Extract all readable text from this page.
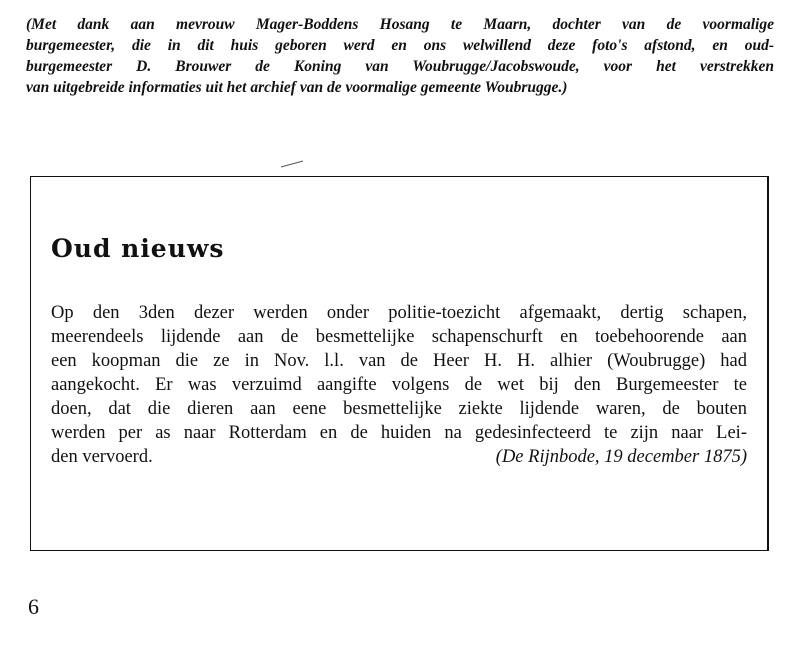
(Met dank aan mevrouw Mager-Boddens Hosang te Maarn, dochter van de voormalige
burgemeester, die in dit huis geboren werd en ons welwillend deze foto's afstond, en oud-
burgemeester D. Brouwer de Koning van Woubrugge/Jacobswoude, voor het verstrekken
van uitgebreide informaties uit het archief van de voormalige gemeente Woubrugge.)
Oud nieuws
Op den 3den dezer werden onder politie-toezicht afgemaakt, dertig schapen,
meerendeels lijdende aan de besmettelijke schapenschurft en toebehoorende aan
een koopman die ze in Nov. l.l. van de Heer H. H. alhier (Woubrugge) had
aangekocht. Er was verzuimd aangifte volgens de wet bij den Burgemeester te
doen, dat die dieren aan eene besmettelijke ziekte lijdende waren, de bouten
werden per as naar Rotterdam en de huiden na gedesinfecteerd te zijn naar Lei-
den vervoerd.	(De Rijnbode, 19 december 1875)
6
